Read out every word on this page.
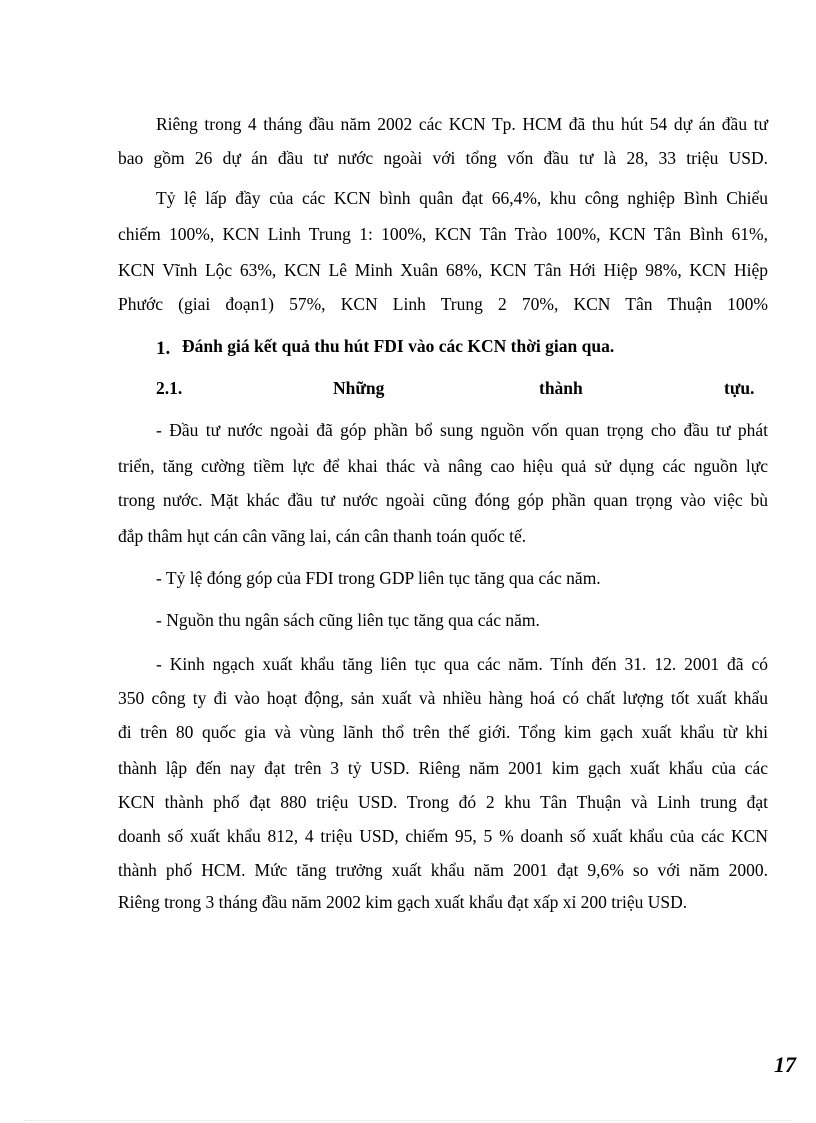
Riêng trong 4 tháng đầu năm 2002 các KCN Tp. HCM đã thu hút 54 dự án đầu tư
bao gồm 26 dự án đầu tư nước ngoài với tổng vốn đầu tư là 28, 33 triệu USD.
Tỷ lệ lấp đầy của các KCN bình quân đạt 66,4%, khu công nghiệp Bình Chiểu
chiếm 100%, KCN Linh Trung 1: 100%, KCN Tân Trào 100%, KCN Tân Bình 61%,
KCN Vĩnh Lộc 63%, KCN Lê Minh Xuân 68%, KCN Tân Hới Hiệp 98%, KCN Hiệp
Phước (giai đoạn1) 57%, KCN Linh Trung 2 70%, KCN Tân Thuận 100%
1. Đánh giá kết quả thu hút FDI vào các KCN thời gian qua.
2.1.	Những	thành	tựu.
- Đầu tư nước ngoài đã góp phần bổ sung nguồn vốn quan trọng cho đầu tư phát
triển, tăng cường tiềm lực để khai thác và nâng cao hiệu quả sử dụng các nguồn lực
trong nước. Mặt khác đầu tư nước ngoài cũng đóng góp phần quan trọng vào việc bù
đắp thâm hụt cán cân vãng lai, cán cân thanh toán quốc tế.
- Tỷ lệ đóng góp của FDI trong GDP liên tục tăng qua các năm.
- Nguồn thu ngân sách cũng liên tục tăng qua các năm.
- Kinh ngạch xuất khẩu tăng liên tục qua các năm. Tính đến 31. 12. 2001 đã có
350 công ty đi vào hoạt động, sản xuất và nhiều hàng hoá có chất lượng tốt xuất khẩu
đi trên 80 quốc gia và vùng lãnh thổ trên thế giới. Tổng kim gạch xuất khẩu từ khi
thành lập đến nay đạt trên 3 tỷ USD. Riêng năm 2001 kim gạch xuất khẩu của các
KCN thành phố đạt 880 triệu USD. Trong đó 2 khu Tân Thuận và Linh trung đạt
doanh số xuất khẩu 812, 4 triệu USD, chiếm 95, 5 % doanh số xuất khẩu của các KCN
thành phố HCM. Mức tăng trưởng xuất khẩu năm 2001 đạt 9,6% so với năm 2000.
Riêng trong 3 tháng đầu năm 2002 kim gạch xuất khẩu đạt xấp xỉ 200 triệu USD.
17
